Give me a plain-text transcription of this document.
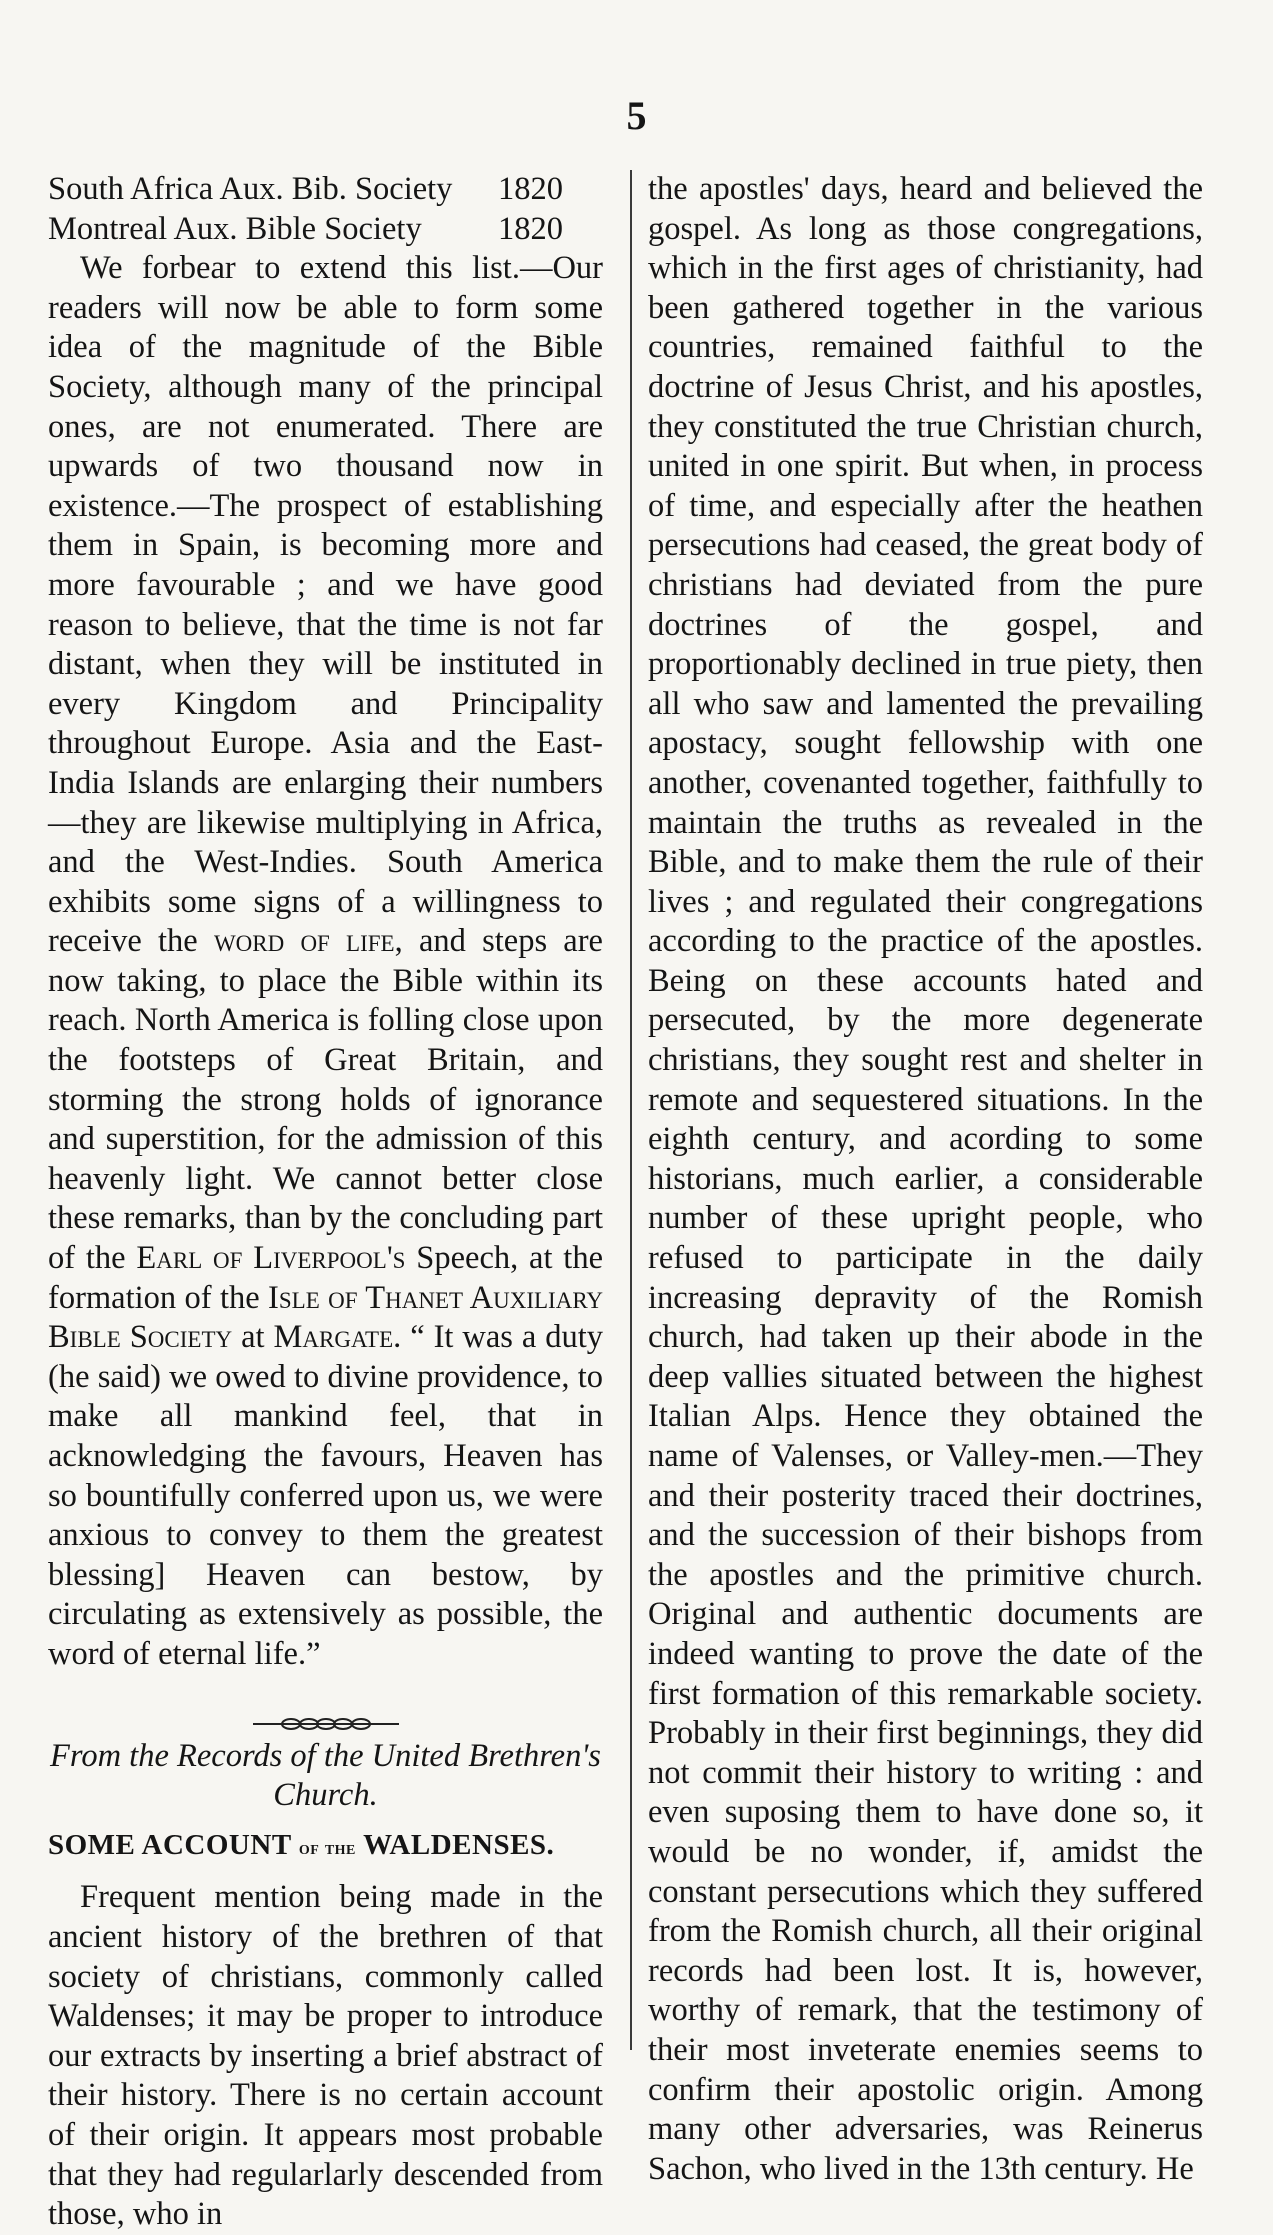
5
South Africa Aux. Bib. Society 1820
Montreal Aux. Bible Society 1820

We forbear to extend this list.—Our readers will now be able to form some idea of the magnitude of the Bible Society, although many of the principal ones, are not enumerated. There are upwards of two thousand now in existence.—The prospect of establishing them in Spain, is becoming more and more favourable ; and we have good reason to believe, that the time is not far distant, when they will be instituted in every Kingdom and Principality throughout Europe. Asia and the East-India Islands are enlarging their numbers—they are likewise multiplying in Africa, and the West-Indies. South America exhibits some signs of a willingness to receive the word of life, and steps are now taking, to place the Bible within its reach. North America is folling close upon the footsteps of Great Britain, and storming the strong holds of ignorance and superstition, for the admission of this heavenly light. We cannot better close these remarks, than by the concluding part of the Earl of Liverpool's Speech, at the formation of the Isle of Thanet Auxiliary Bible Society at Margate. “ It was a duty (he said) we owed to divine providence, to make all mankind feel, that in acknowledging the favours, Heaven has so bountifully conferred upon us, we were anxious to convey to them the greatest blessing] Heaven can bestow, by circulating as extensively as possible, the word of eternal life.”

From the Records of the United Brethren's Church.
SOME ACCOUNT of the WALDENSES.

Frequent mention being made in the ancient history of the brethren of that society of christians, commonly called Waldenses; it may be proper to introduce our extracts by inserting a brief abstract of their history. There is no certain account of their origin. It appears most probable that they had regularlarly descended from those, who in

the apostles' days, heard and believed the gospel. As long as those congregations, which in the first ages of christianity, had been gathered together in the various countries, remained faithful to the doctrine of Jesus Christ, and his apostles, they constituted the true Christian church, united in one spirit. But when, in process of time, and especially after the heathen persecutions had ceased, the great body of christians had deviated from the pure doctrines of the gospel, and proportionably declined in true piety, then all who saw and lamented the prevailing apostacy, sought fellowship with one another, covenanted together, faithfully to maintain the truths as revealed in the Bible, and to make them the rule of their lives ; and regulated their congregations according to the practice of the apostles. Being on these accounts hated and persecuted, by the more degenerate christians, they sought rest and shelter in remote and sequestered situations. In the eighth century, and acording to some historians, much earlier, a considerable number of these upright people, who refused to participate in the daily increasing depravity of the Romish church, had taken up their abode in the deep vallies situated between the highest Italian Alps. Hence they obtained the name of Valenses, or Valley-men.—They and their posterity traced their doctrines, and the succession of their bishops from the apostles and the primitive church. Original and authentic documents are indeed wanting to prove the date of the first formation of this remarkable society. Probably in their first beginnings, they did not commit their history to writing : and even suposing them to have done so, it would be no wonder, if, amidst the constant persecutions which they suffered from the Romish church, all their original records had been lost. It is, however, worthy of remark, that the testimony of their most inveterate enemies seems to confirm their apostolic origin. Among many other adversaries, was Reinerus Sachon, who lived in the 13th century. He
